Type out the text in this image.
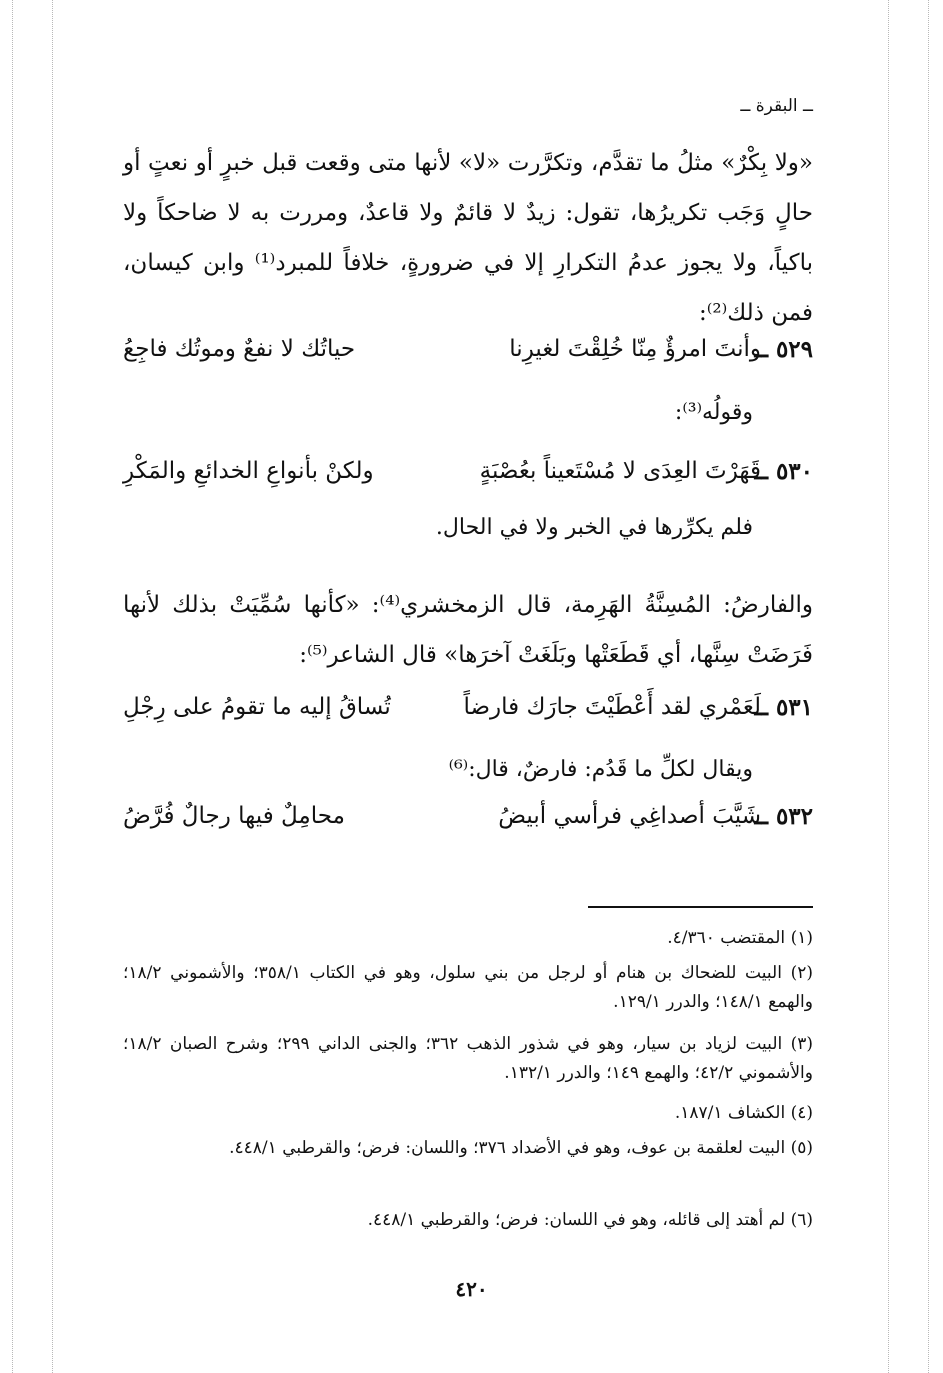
ــ البقرة ــ
«ولا بِكْرٌ» مثلُ ما تقدَّم، وتكرَّرت «لا» لأنها متى وقعت قبل خبرٍ أو نعتٍ أو حالٍ وَجَب تكريرُها، تقول: زيدٌ لا قائمٌ ولا قاعدٌ، ومررت به لا ضاحكاً ولا باكياً، ولا يجوز عدمُ التكرارِ إلا في ضرورةٍ، خلافاً للمبرد⁽¹⁾ وابن كيسان، فمن ذلك⁽²⁾:
٥٢٩ ــ
وأنتَ امرؤٌ مِنّا خُلِقْتَ لغيرِنا
حياتُك لا نفعٌ وموتُك فاجِعُ
وقولُه⁽³⁾:
٥٣٠ ــ
قَهَرْتَ العِدَى لا مُسْتَعيناً بعُصْبَةٍ
ولكنْ بأنواعِ الخدائعِ والمَكْرِ
فلم يكرِّرها في الخبر ولا في الحال.
والفارضُ: المُسِنَّةُ الهَرِمة، قال الزمخشري⁽⁴⁾: «كأنها سُمِّيَتْ بذلك لأنها فَرَضَتْ سِنَّها، أي قَطَعَتْها وبَلَغَتْ آخرَها» قال الشاعر⁽⁵⁾:
٥٣١ ــ
لَعَمْري لقد أَعْطَيْتَ جارَك فارضاً
تُساقُ إليه ما تقومُ على رِجْلِ
ويقال لكلِّ ما قَدُم: فارضٌ، قال:⁽⁶⁾
٥٣٢ ــ
شَيَّبَ أصداغِي فرأسي أبيضُ
محامِلٌ فيها رجالٌ فُرَّضُ
(١) المقتضب ٤/٣٦٠.
(٢) البيت للضحاك بن هنام أو لرجل من بني سلول، وهو في الكتاب ٣٥٨/١؛ والأشموني ١٨/٢؛ والهمع ١٤٨/١؛ والدرر ١٢٩/١.
(٣) البيت لزياد بن سيار، وهو في شذور الذهب ٣٦٢؛ والجنى الداني ٢٩٩؛ وشرح الصبان ١٨/٢؛ والأشموني ٤٢/٢؛ والهمع ١٤٩؛ والدرر ١٣٢/١.
(٤) الكشاف ١٨٧/١.
(٥) البيت لعلقمة بن عوف، وهو في الأضداد ٣٧٦؛ واللسان: فرض؛ والقرطبي ٤٤٨/١.
(٦) لم أهتد إلى قائله، وهو في اللسان: فرض؛ والقرطبي ٤٤٨/١.
٤٢٠
